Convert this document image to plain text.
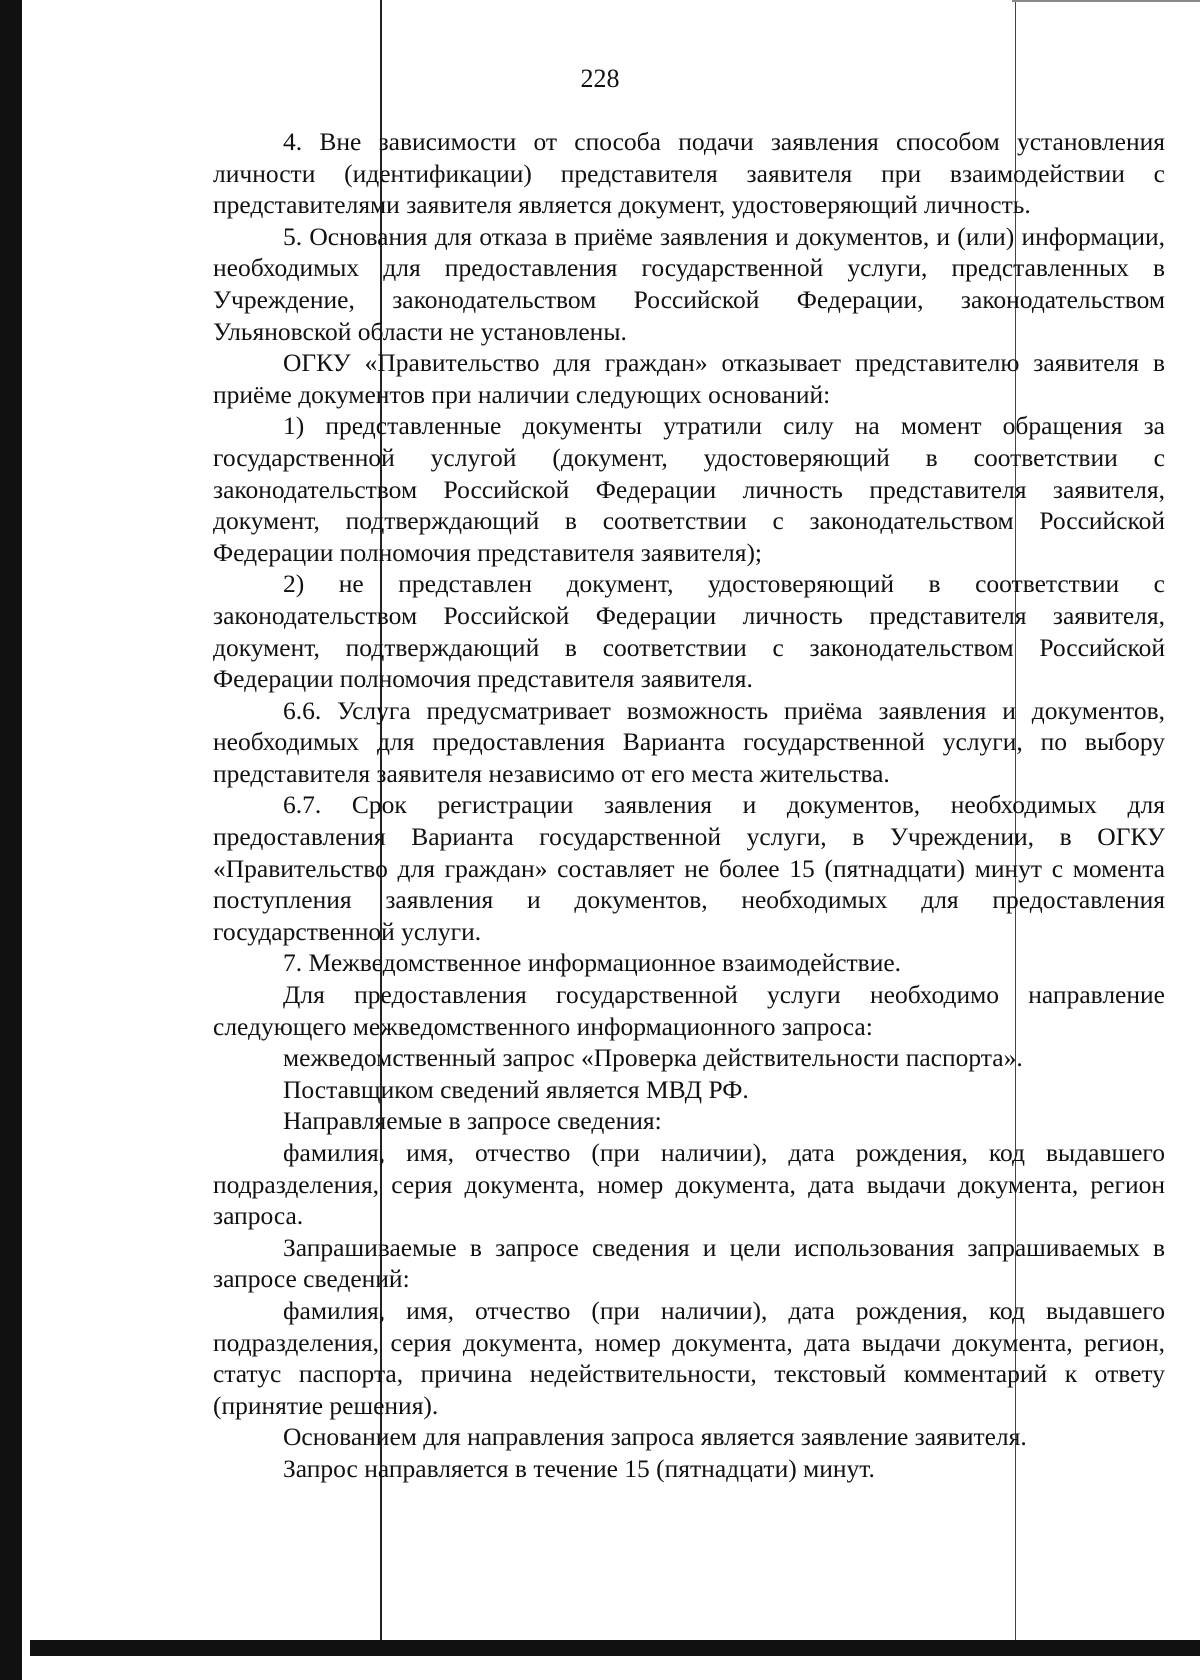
228

4. Вне зависимости от способа подачи заявления способом установления личности (идентификации) представителя заявителя при взаимодействии с представителями заявителя является документ, удостоверяющий личность.

5. Основания для отказа в приёме заявления и документов, и (или) информации, необходимых для предоставления государственной услуги, представленных в Учреждение, законодательством Российской Федерации, законодательством Ульяновской области не установлены.

ОГКУ «Правительство для граждан» отказывает представителю заявителя в приёме документов при наличии следующих оснований:

1) представленные документы утратили силу на момент обращения за государственной услугой (документ, удостоверяющий в соответствии с законодательством Российской Федерации личность представителя заявителя, документ, подтверждающий в соответствии с законодательством Российской Федерации полномочия представителя заявителя);

2) не представлен документ, удостоверяющий в соответствии с законодательством Российской Федерации личность представителя заявителя, документ, подтверждающий в соответствии с законодательством Российской Федерации полномочия представителя заявителя.

6.6. Услуга предусматривает возможность приёма заявления и документов, необходимых для предоставления Варианта государственной услуги, по выбору представителя заявителя независимо от его места жительства.

6.7. Срок регистрации заявления и документов, необходимых для предоставления Варианта государственной услуги, в Учреждении, в ОГКУ «Правительство для граждан» составляет не более 15 (пятнадцати) минут с момента поступления заявления и документов, необходимых для предоставления государственной услуги.

7. Межведомственное информационное взаимодействие.

Для предоставления государственной услуги необходимо направление следующего межведомственного информационного запроса:

межведомственный запрос «Проверка действительности паспорта».

Поставщиком сведений является МВД РФ.

Направляемые в запросе сведения:

фамилия, имя, отчество (при наличии), дата рождения, код выдавшего подразделения, серия документа, номер документа, дата выдачи документа, регион запроса.

Запрашиваемые в запросе сведения и цели использования запрашиваемых в запросе сведений:

фамилия, имя, отчество (при наличии), дата рождения, код выдавшего подразделения, серия документа, номер документа, дата выдачи документа, регион, статус паспорта, причина недействительности, текстовый комментарий к ответу (принятие решения).

Основанием для направления запроса является заявление заявителя.

Запрос направляется в течение 15 (пятнадцати) минут.
